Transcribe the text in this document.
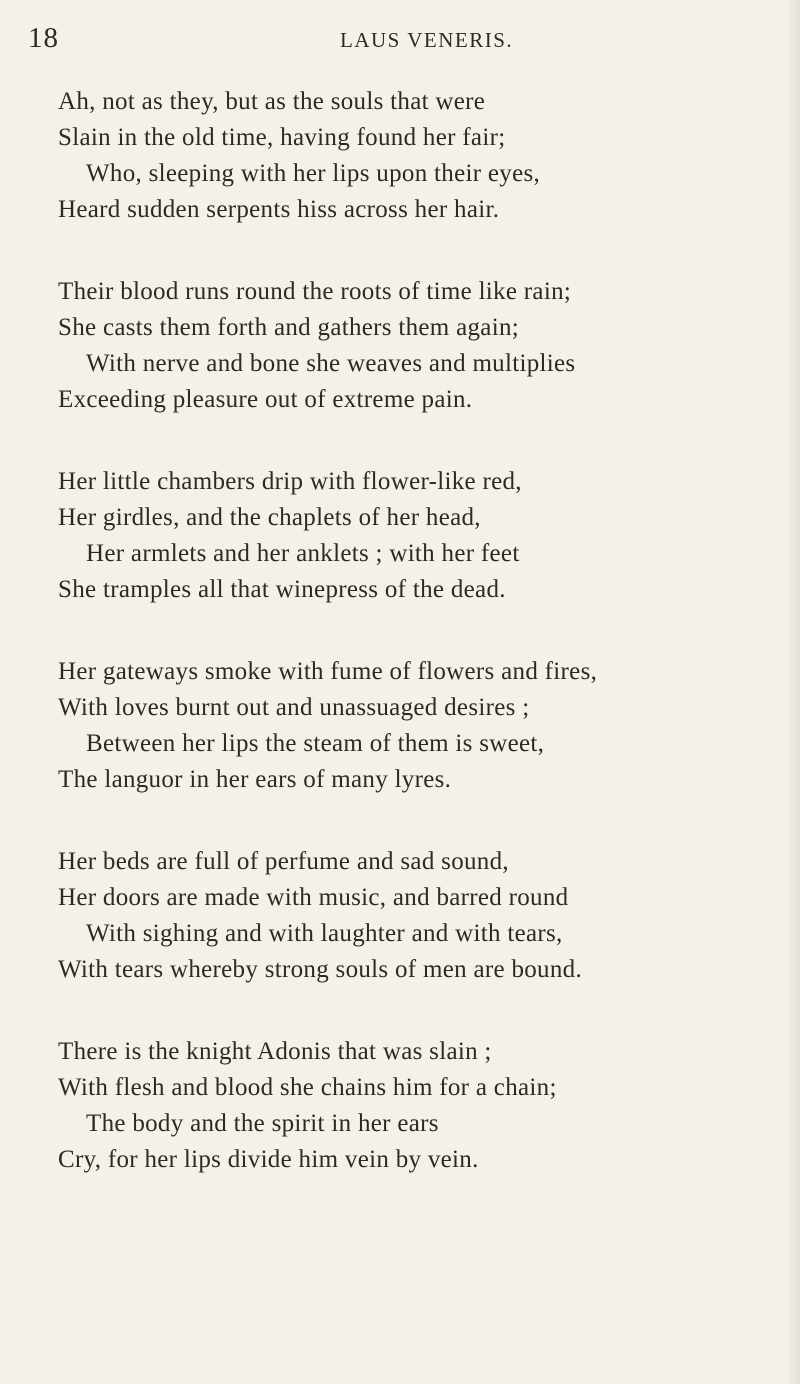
18	LAUS VENERIS.
Ah, not as they, but as the souls that were
Slain in the old time, having found her fair;
Who, sleeping with her lips upon their eyes,
Heard sudden serpents hiss across her hair.
Their blood runs round the roots of time like rain;
She casts them forth and gathers them again;
With nerve and bone she weaves and multiplies
Exceeding pleasure out of extreme pain.
Her little chambers drip with flower-like red,
Her girdles, and the chaplets of her head,
Her armlets and her anklets ; with her feet
She tramples all that winepress of the dead.
Her gateways smoke with fume of flowers and fires,
With loves burnt out and unassuaged desires ;
Between her lips the steam of them is sweet,
The languor in her ears of many lyres.
Her beds are full of perfume and sad sound,
Her doors are made with music, and barred round
With sighing and with laughter and with tears,
With tears whereby strong souls of men are bound.
There is the knight Adonis that was slain ;
With flesh and blood she chains him for a chain;
The body and the spirit in her ears
Cry, for her lips divide him vein by vein.
